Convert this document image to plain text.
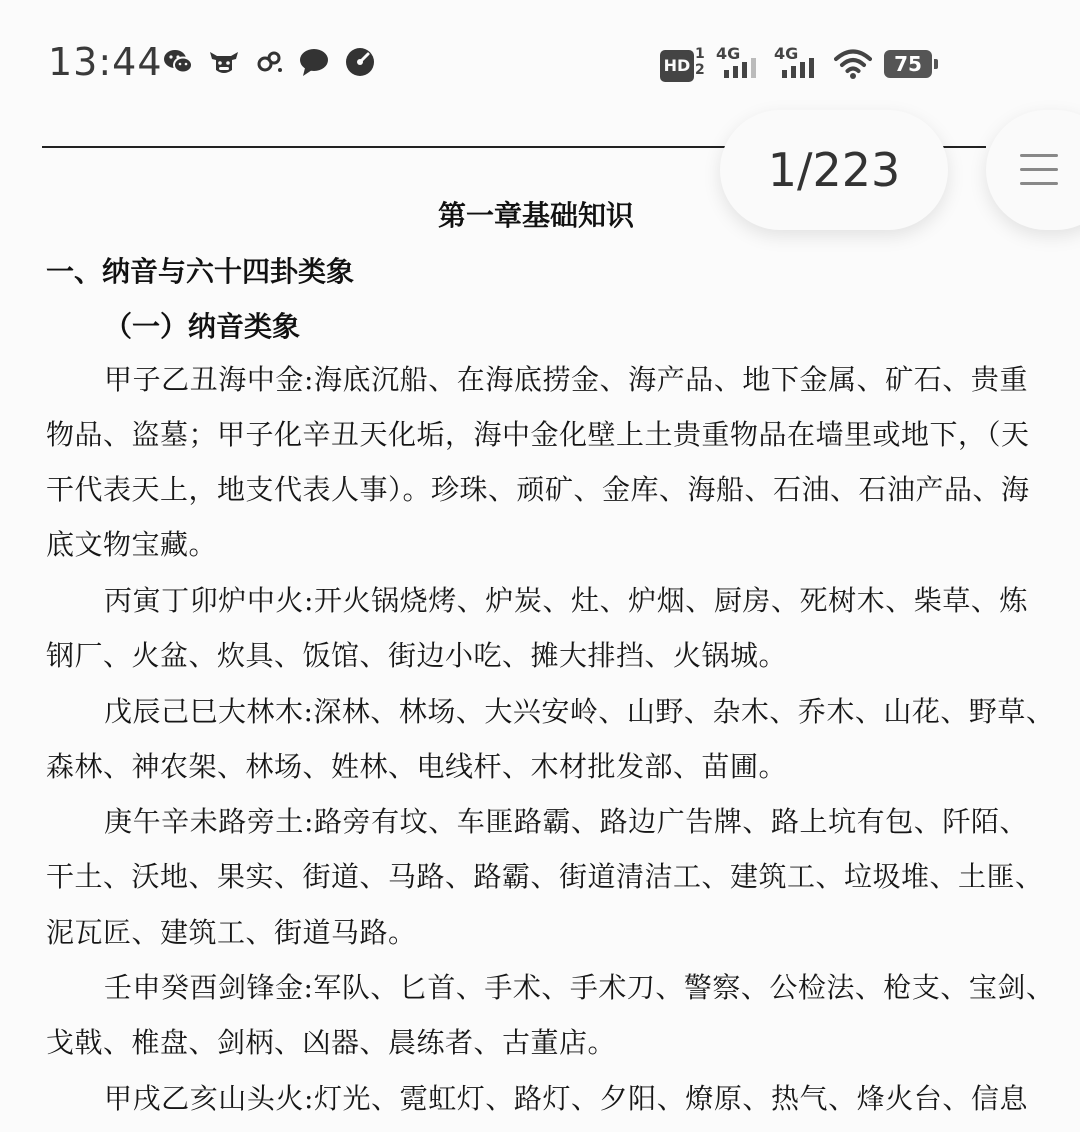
13:44	HD
1
2
4G 4G	75
1/223
第一章基础知识
一、纳音与六十四卦类象
（一）纳音类象
甲子乙丑海中金:海底沉船、在海底捞金、海产品、地下金属、矿石、贵重
物品、盗墓；甲子化辛丑天化垢，海中金化壁上土贵重物品在墙里或地下，（天
干代表天上，地支代表人事）。珍珠、顽矿、金库、海船、石油、石油产品、海
底文物宝藏。
丙寅丁卯炉中火:开火锅烧烤、炉炭、灶、炉烟、厨房、死树木、柴草、炼
钢厂、火盆、炊具、饭馆、街边小吃、摊大排挡、火锅城。
戊辰己巳大林木:深林、林场、大兴安岭、山野、杂木、乔木、山花、野草、
森林、神农架、林场、姓林、电线杆、木材批发部、苗圃。
庚午辛未路旁土:路旁有坟、车匪路霸、路边广告牌、路上坑有包、阡陌、
干土、沃地、果实、街道、马路、路霸、街道清洁工、建筑工、垃圾堆、土匪、
泥瓦匠、建筑工、街道马路。
壬申癸酉剑锋金:军队、匕首、手术、手术刀、警察、公检法、枪支、宝剑、
戈戟、椎盘、剑柄、凶器、晨练者、古董店。
甲戌乙亥山头火:灯光、霓虹灯、路灯、夕阳、燎原、热气、烽火台、信息
